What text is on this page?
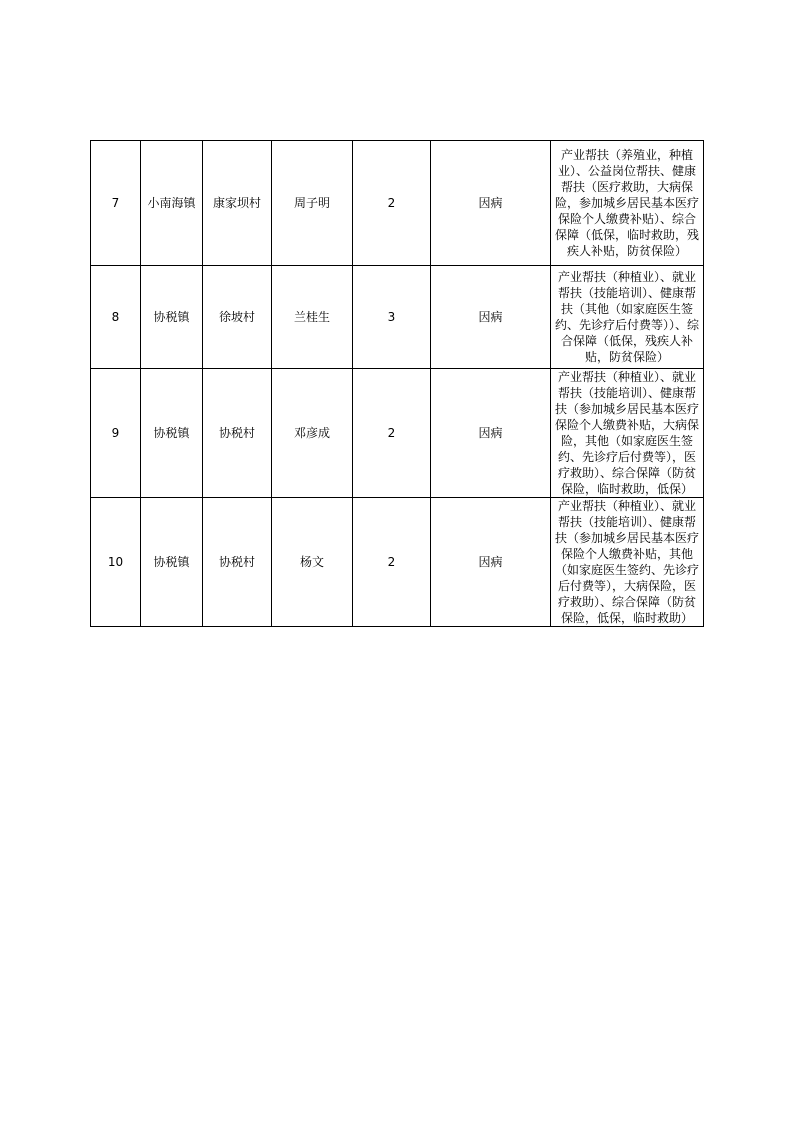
7	小南海镇	康家坝村	周子明	2	因病	产业帮扶（养殖业，种植业）、公益岗位帮扶、健康帮扶（医疗救助，大病保险，参加城乡居民基本医疗保险个人缴费补贴）、综合保障（低保，临时救助，残疾人补贴，防贫保险）
8	协税镇	徐坡村	兰桂生	3	因病	产业帮扶（种植业）、就业帮扶（技能培训）、健康帮扶（其他（如家庭医生签约、先诊疗后付费等））、综合保障（低保，残疾人补贴，防贫保险）
9	协税镇	协税村	邓彦成	2	因病	产业帮扶（种植业）、就业帮扶（技能培训）、健康帮扶（参加城乡居民基本医疗保险个人缴费补贴，大病保险，其他（如家庭医生签约、先诊疗后付费等），医疗救助）、综合保障（防贫保险，临时救助，低保）
10	协税镇	协税村	杨文	2	因病	产业帮扶（种植业）、就业帮扶（技能培训）、健康帮扶（参加城乡居民基本医疗保险个人缴费补贴，其他（如家庭医生签约、先诊疗后付费等），大病保险，医疗救助）、综合保障（防贫保险，低保，临时救助）
